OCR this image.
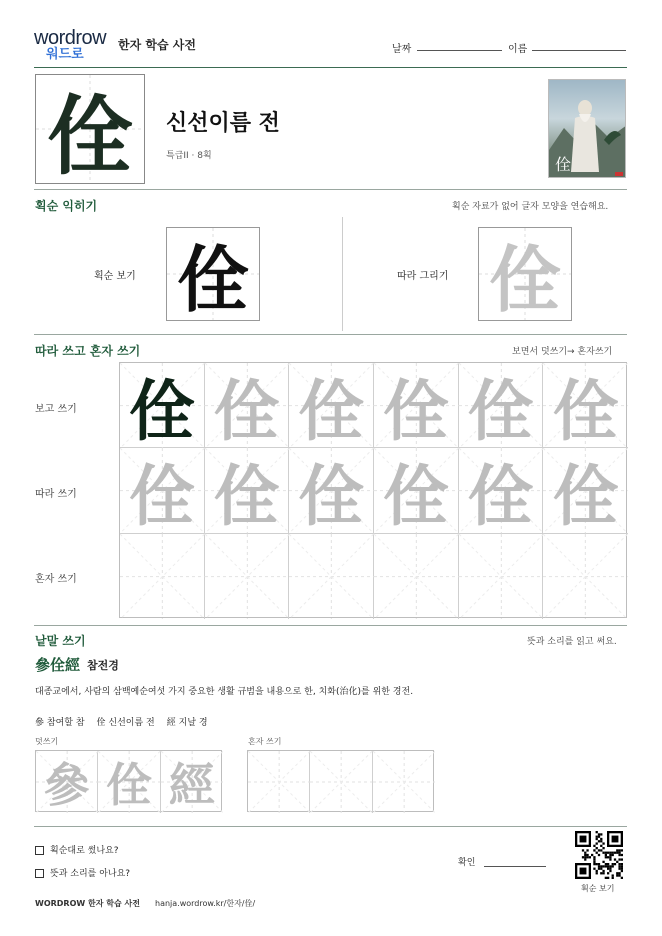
wordrow
워드로
한자 학습 사전	날짜	이름
佺	신선이름 전
특급II · 8획	佺
획순 익히기	획순 자료가 없어 글자 모양을 연습해요.
획순 보기 佺	따라 그리기 佺
따라 쓰고 혼자 쓰기	보면서 덧쓰기→ 혼자쓰기
보고 쓰기
따라 쓰기
혼자 쓰기
佺 佺 佺 佺 佺 佺
佺 佺 佺 佺 佺 佺
낱말 쓰기	뜻과 소리를 읽고 써요.
參佺經 참전경
대종교에서, 사람의 삼백예순여섯 가지 중요한 생활 규범을 내용으로 한, 치화(治化)를 위한 경전.
參 참여할 참 佺 신선이름 전 經 지날 경
덧쓰기	혼자 쓰기
參 佺 經
획순대로 썼나요?
뜻과 소리를 아나요?
확인
획순 보기
WORDROW 한자 학습 사전 hanja.wordrow.kr/한자/佺/
